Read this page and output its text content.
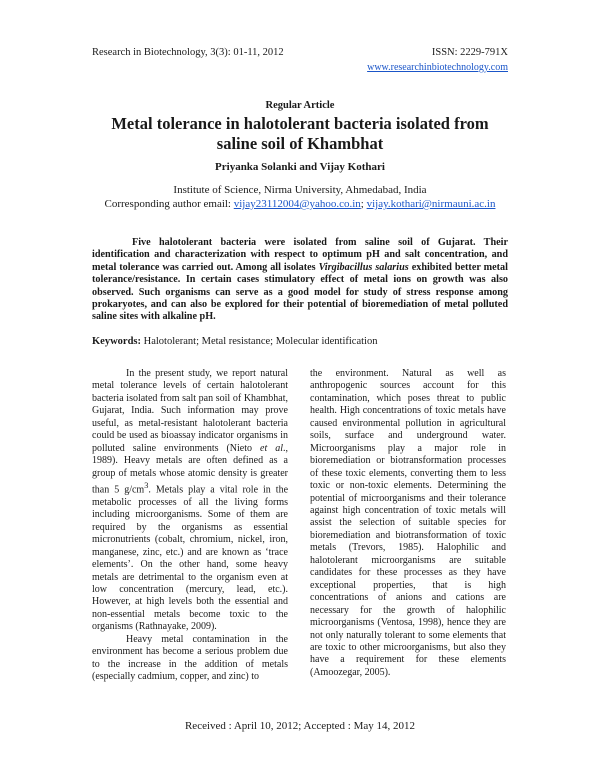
Research in Biotechnology, 3(3): 01-11, 2012	ISSN: 2229-791X
www.researchinbiotechnology.com
Regular Article
Metal tolerance in halotolerant bacteria isolated from saline soil of Khambhat
Priyanka Solanki and Vijay Kothari
Institute of Science, Nirma University, Ahmedabad, India
Corresponding author email: vijay23112004@yahoo.co.in; vijay.kothari@nirmauni.ac.in
Five halotolerant bacteria were isolated from saline soil of Gujarat. Their identification and characterization with respect to optimum pH and salt concentration, and metal tolerance was carried out. Among all isolates Virgibacillus salarius exhibited better metal tolerance/resistance. In certain cases stimulatory effect of metal ions on growth was also observed. Such organisms can serve as a good model for study of stress response among prokaryotes, and can also be explored for their potential of bioremediation of metal polluted saline sites with alkaline pH.
Keywords: Halotolerant; Metal resistance; Molecular identification

In the present study, we report natural metal tolerance levels of certain halotolerant bacteria isolated from salt pan soil of Khambhat, Gujarat, India. Such information may prove useful, as metal-resistant halotolerant bacteria could be used as bioassay indicator organisms in polluted saline environments (Nieto et al., 1989). Heavy metals are often defined as a group of metals whose atomic density is greater than 5 $g/cm^3$. Metals play a vital role in the metabolic processes of all the living forms including microorganisms. Some of them are required by the organisms as essential micronutrients (cobalt, chromium, nickel, iron, manganese, zinc, etc.) and are known as ‘trace elements’. On the other hand, some heavy metals are detrimental to the organism even at low concentration (mercury, lead, etc.). However, at high levels both the essential and non-essential metals become toxic to the organisms (Rathnayake, 2009).

Heavy metal contamination in the environment has become a serious problem due to the increase in the addition of metals (especially cadmium, copper, and zinc) to

the environment. Natural as well as anthropogenic sources account for this contamination, which poses threat to public health. High concentrations of toxic metals have caused environmental pollution in agricultural soils, surface and underground water. Microorganisms play a major role in bioremediation or biotransformation processes of these toxic elements, converting them to less toxic or non-toxic elements. Determining the potential of microorganisms and their tolerance against high concentration of toxic metals will assist the selection of suitable species for bioremediation and biotransformation of toxic metals (Trevors, 1985). Halophilic and halotolerant microorganisms are suitable candidates for these processes as they have exceptional properties, that is high concentrations of anions and cations are necessary for the growth of halophilic microorganisms (Ventosa, 1998), hence they are not only naturally tolerant to some elements that are toxic to other microorganisms, but also they have a requirement for these elements (Amoozegar, 2005).

Received : April 10, 2012; Accepted : May 14, 2012
